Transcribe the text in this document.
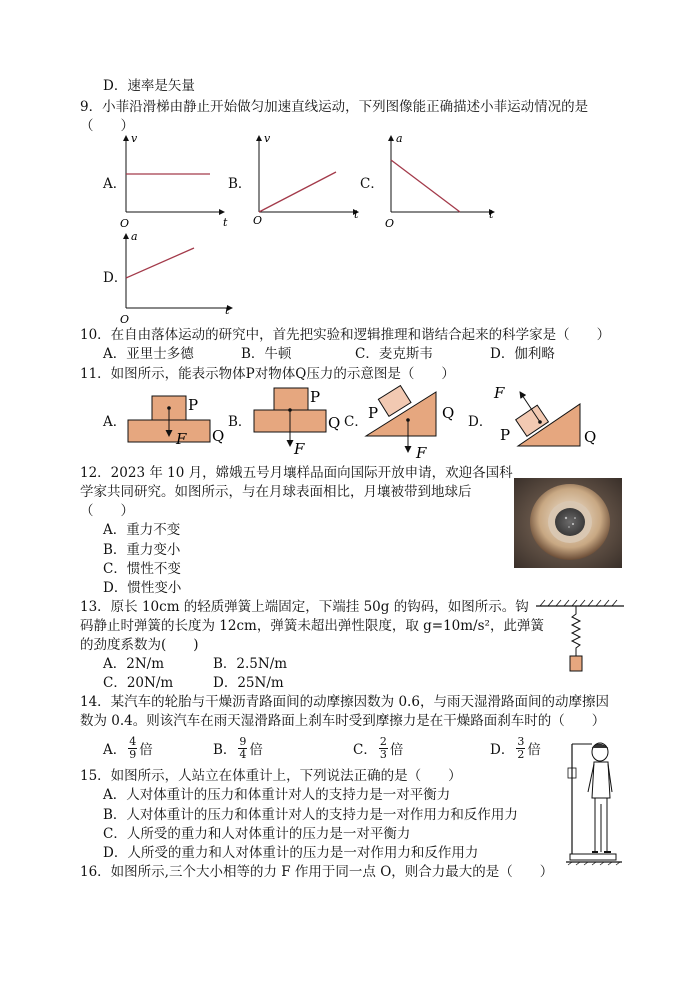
D．速率是矢量
9．小菲沿滑梯由静止开始做匀加速直线运动，下列图像能正确描述小菲运动情况的是
（　　）
A．	B．	C．
D．
v
t
O
v
t
O
a
t
O
a
t
O
10．在自由落体运动的研究中，首先把实验和逻辑推理和谐结合起来的科学家是（　　）
A．亚里士多德	B．牛顿	C．麦克斯韦	D．伽利略
11．如图所示，能表示物体P对物体Q压力的示意图是（　　）
A．	B．	C．	D．
P
Q
F
P
Q
F
P	Q
F
P	Q
F
12．2023 年 10 月，嫦娥五号月壤样品面向国际开放申请，欢迎各国科
学家共同研究。如图所示，与在月球表面相比，月壤被带到地球后
（　　）
A．重力不变
B．重力变小
C．惯性不变
D．惯性变小
13．原长 10cm 的轻质弹簧上端固定，下端挂 50g 的钩码，如图所示。钩
码静止时弹簧的长度为 12cm，弹簧未超出弹性限度，取 g=10m/s²，此弹簧
的劲度系数为(　　)
A．2N/m	B．2.5N/m
C．20N/m	D．25N/m
14．某汽车的轮胎与干燥沥青路面间的动摩擦因数为 0.6，与雨天湿滑路面间的动摩擦因
数为 0.4。则该汽车在雨天湿滑路面上刹车时受到摩擦力是在干燥路面刹车时的（　　）
A． $\frac{4}{9}$ 倍	B． $\frac{9}{4}$ 倍	C． $\frac{2}{3}$ 倍	D． $\frac{3}{2}$ 倍
15．如图所示，人站立在体重计上，下列说法正确的是（　　）
A．人对体重计的压力和体重计对人的支持力是一对平衡力
B．人对体重计的压力和体重计对人的支持力是一对作用力和反作用力
C．人所受的重力和人对体重计的压力是一对平衡力
D．人所受的重力和人对体重计的压力是一对作用力和反作用力
16．如图所示,三个大小相等的力 F 作用于同一点 O，则合力最大的是（　　）
